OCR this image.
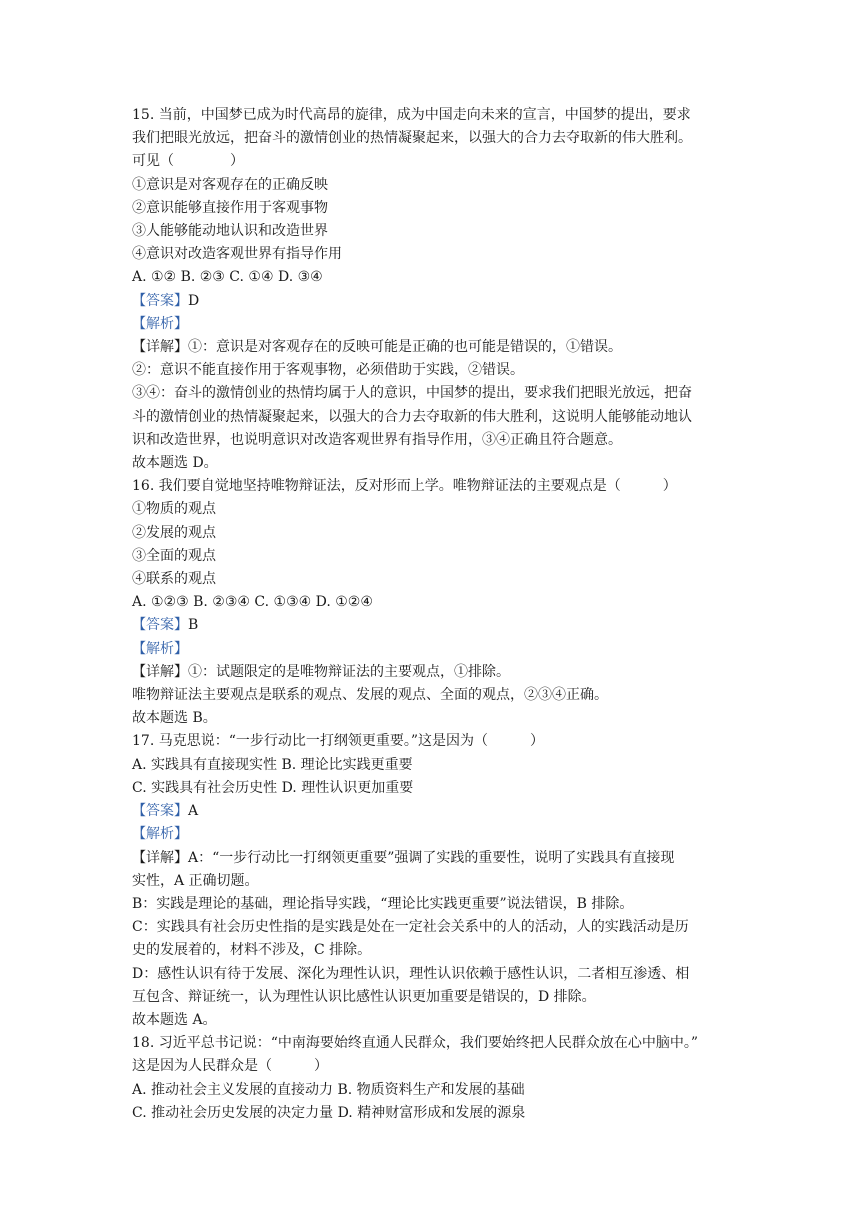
15. 当前，中国梦已成为时代高昂的旋律，成为中国走向未来的宣言，中国梦的提出，要求
我们把眼光放远，把奋斗的激情创业的热情凝聚起来，以强大的合力去夺取新的伟大胜利。
可见（　　　　）
①意识是对客观存在的正确反映
②意识能够直接作用于客观事物
③人能够能动地认识和改造世界
④意识对改造客观世界有指导作用
A. ①② B. ②③ C. ①④ D. ③④
【答案】D
【解析】
【详解】①：意识是对客观存在的反映可能是正确的也可能是错误的，①错误。
②：意识不能直接作用于客观事物，必须借助于实践，②错误。
③④：奋斗的激情创业的热情均属于人的意识，中国梦的提出，要求我们把眼光放远，把奋
斗的激情创业的热情凝聚起来，以强大的合力去夺取新的伟大胜利，这说明人能够能动地认
识和改造世界，也说明意识对改造客观世界有指导作用，③④正确且符合题意。
故本题选 D。
16. 我们要自觉地坚持唯物辩证法，反对形而上学。唯物辩证法的主要观点是（　　　）
①物质的观点
②发展的观点
③全面的观点
④联系的观点
A. ①②③ B. ②③④ C. ①③④ D. ①②④
【答案】B
【解析】
【详解】①：试题限定的是唯物辩证法的主要观点，①排除。
唯物辩证法主要观点是联系的观点、发展的观点、全面的观点，②③④正确。
故本题选 B。
17. 马克思说：“一步行动比一打纲领更重要。”这是因为（　　　）
A. 实践具有直接现实性 B. 理论比实践更重要
C. 实践具有社会历史性 D. 理性认识更加重要
【答案】A
【解析】
【详解】A：“一步行动比一打纲领更重要”强调了实践的重要性，说明了实践具有直接现
实性，A 正确切题。
B：实践是理论的基础，理论指导实践，“理论比实践更重要”说法错误，B 排除。
C：实践具有社会历史性指的是实践是处在一定社会关系中的人的活动，人的实践活动是历
史的发展着的，材料不涉及，C 排除。
D：感性认识有待于发展、深化为理性认识，理性认识依赖于感性认识，二者相互渗透、相
互包含、辩证统一，认为理性认识比感性认识更加重要是错误的，D 排除。
故本题选 A。
18. 习近平总书记说：“中南海要始终直通人民群众，我们要始终把人民群众放在心中脑中。”
这是因为人民群众是（　　　）
A. 推动社会主义发展的直接动力 B. 物质资料生产和发展的基础
C. 推动社会历史发展的决定力量 D. 精神财富形成和发展的源泉
